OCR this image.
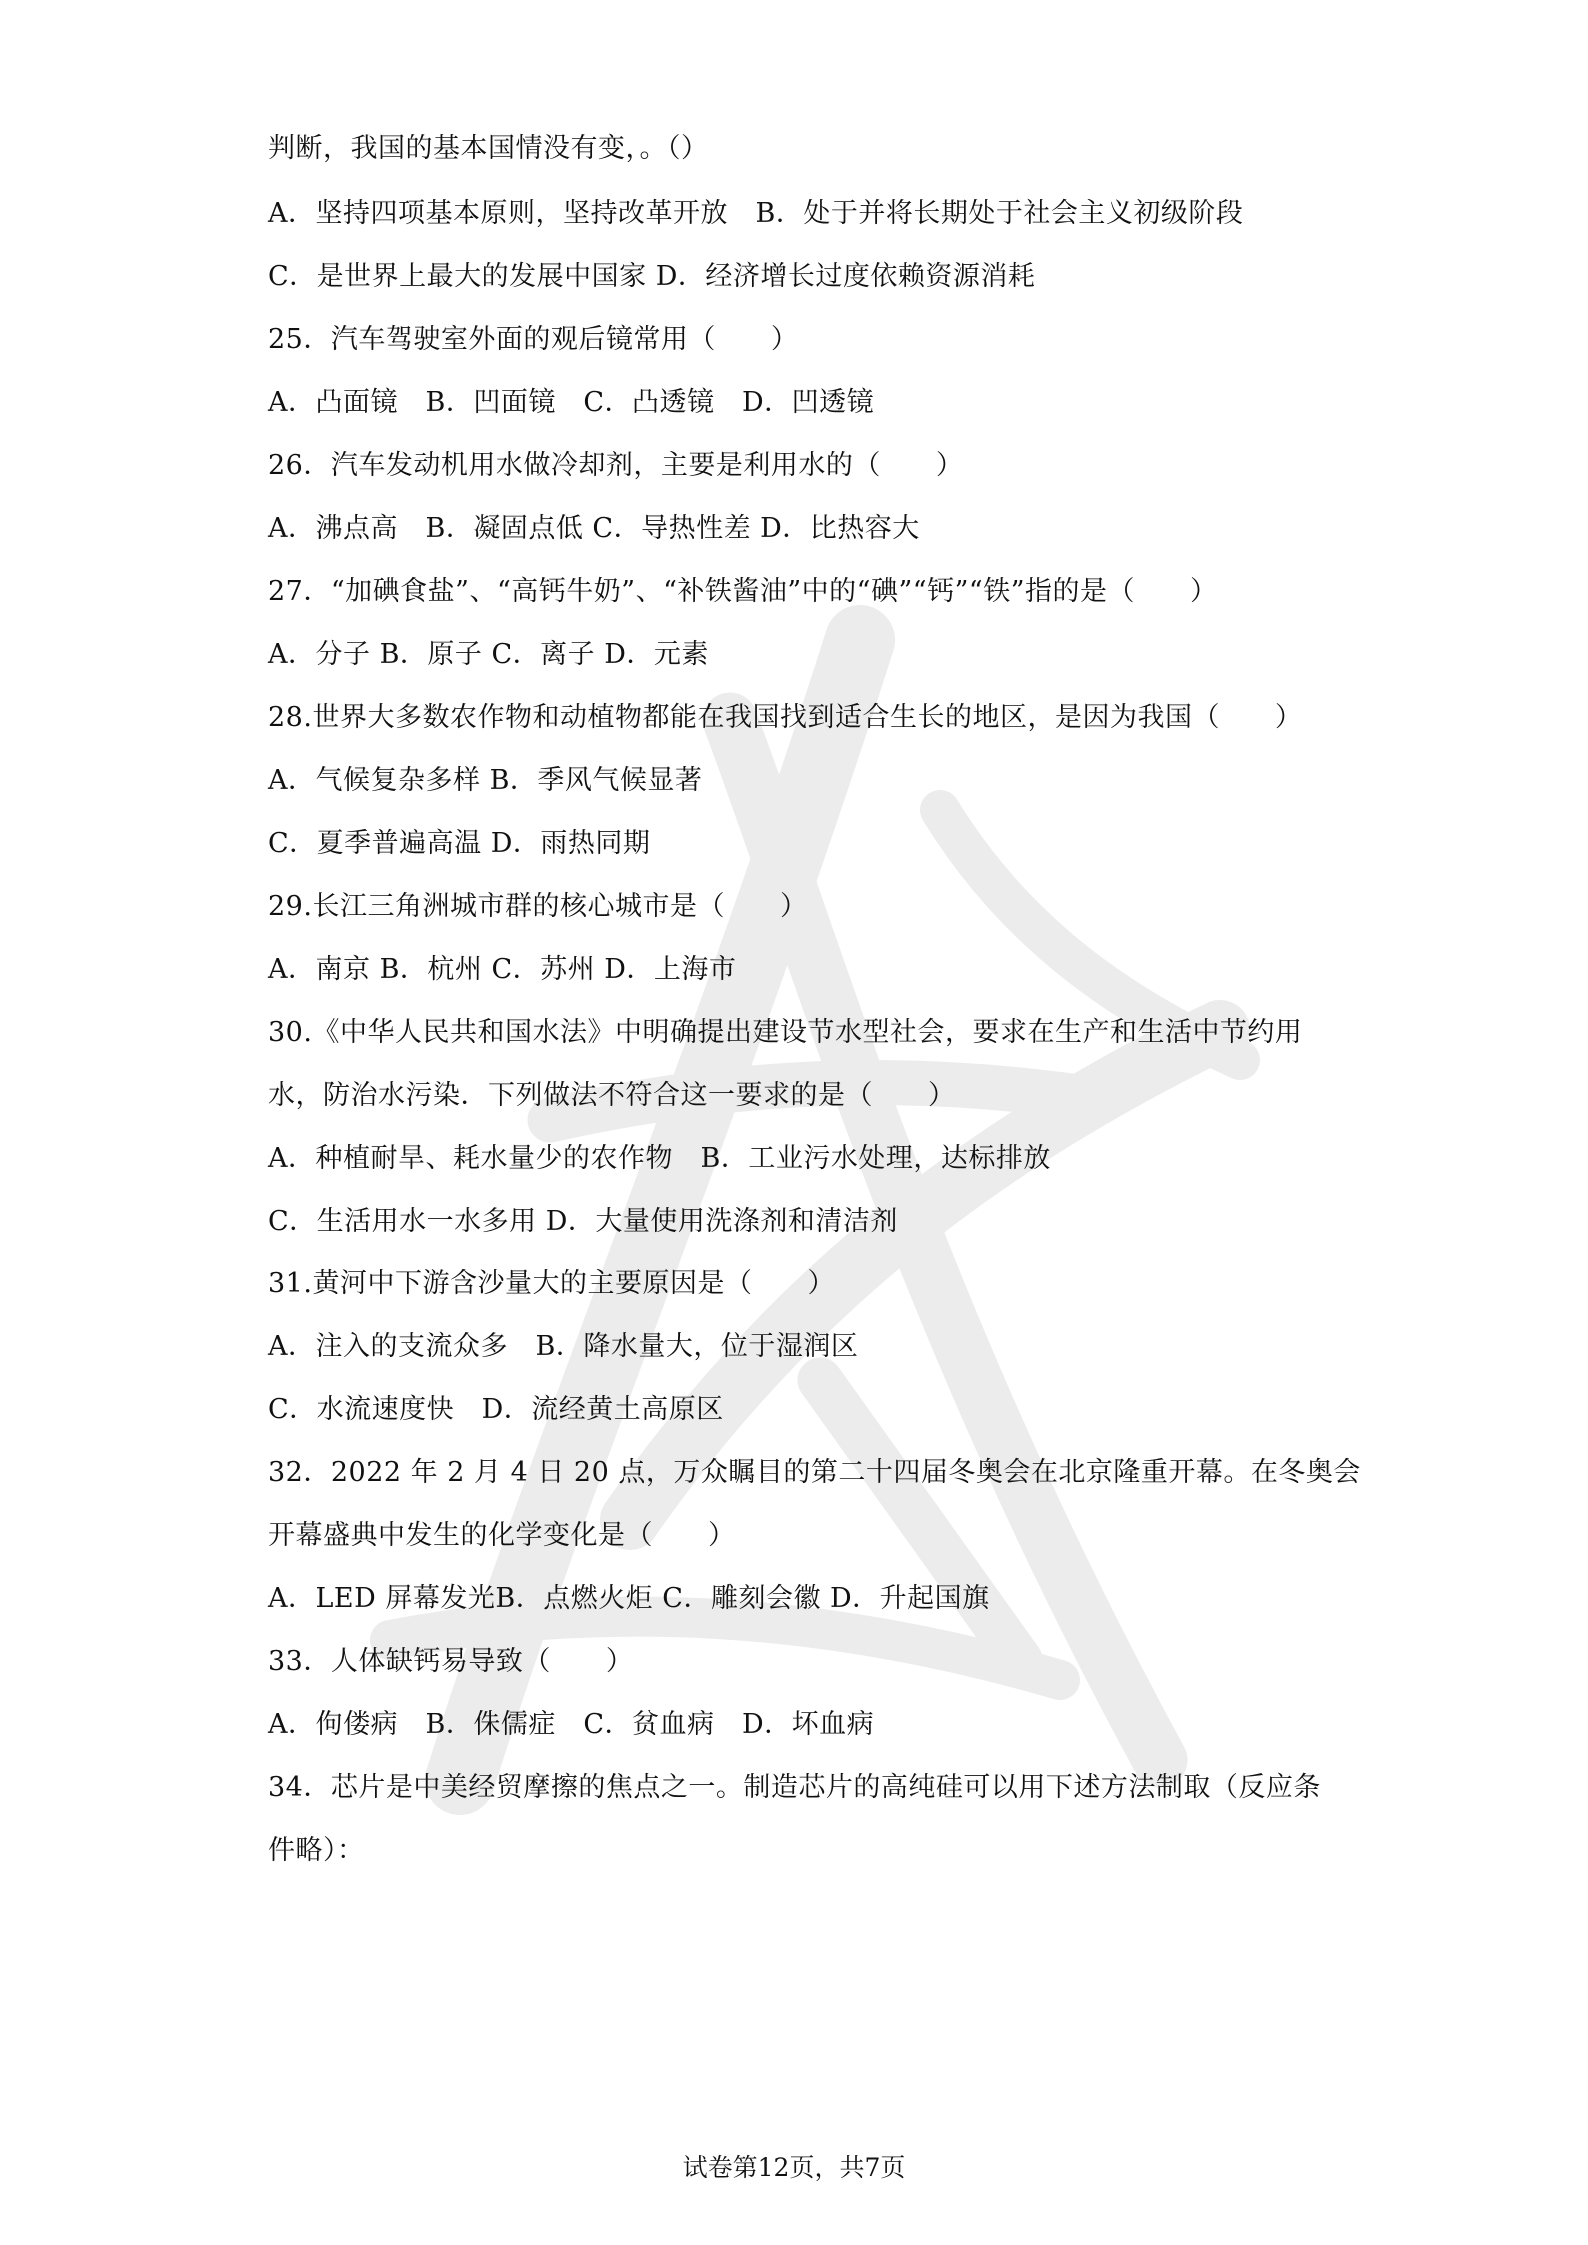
判断，我国的基本国情没有变，。（）
A．坚持四项基本原则，坚持改革开放　B．处于并将长期处于社会主义初级阶段
C．是世界上最大的发展中国家 D．经济增长过度依赖资源消耗
25．汽车驾驶室外面的观后镜常用（　　）
A．凸面镜　B．凹面镜　C．凸透镜　D．凹透镜
26．汽车发动机用水做冷却剂，主要是利用水的（　　）
A．沸点高　B．凝固点低 C．导热性差 D．比热容大
27．“加碘食盐”、“高钙牛奶”、“补铁酱油”中的“碘”“钙”“铁”指的是（　　）
A．分子 B．原子 C．离子 D．元素
28.世界大多数农作物和动植物都能在我国找到适合生长的地区，是因为我国（　　）
A．气候复杂多样 B．季风气候显著
C．夏季普遍高温 D．雨热同期
29.长江三角洲城市群的核心城市是（　　）
A．南京 B．杭州 C．苏州 D．上海市
30.《中华人民共和国水法》中明确提出建设节水型社会，要求在生产和生活中节约用
水，防治水污染．下列做法不符合这一要求的是（　　）
A．种植耐旱、耗水量少的农作物　B．工业污水处理，达标排放
C．生活用水一水多用 D．大量使用洗涤剂和清洁剂
31.黄河中下游含沙量大的主要原因是（　　）
A．注入的支流众多　B．降水量大，位于湿润区
C．水流速度快　D．流经黄土高原区
32．2022 年 2 月 4 日 20 点，万众瞩目的第二十四届冬奥会在北京隆重开幕。在冬奥会
开幕盛典中发生的化学变化是（　　）
A．LED 屏幕发光B．点燃火炬 C．雕刻会徽 D．升起国旗
33．人体缺钙易导致（　　）
A．佝偻病　B．侏儒症　C．贫血病　D．坏血病
34．芯片是中美经贸摩擦的焦点之一。制造芯片的高纯硅可以用下述方法制取（反应条
件略）：
试卷第12页，共7页
